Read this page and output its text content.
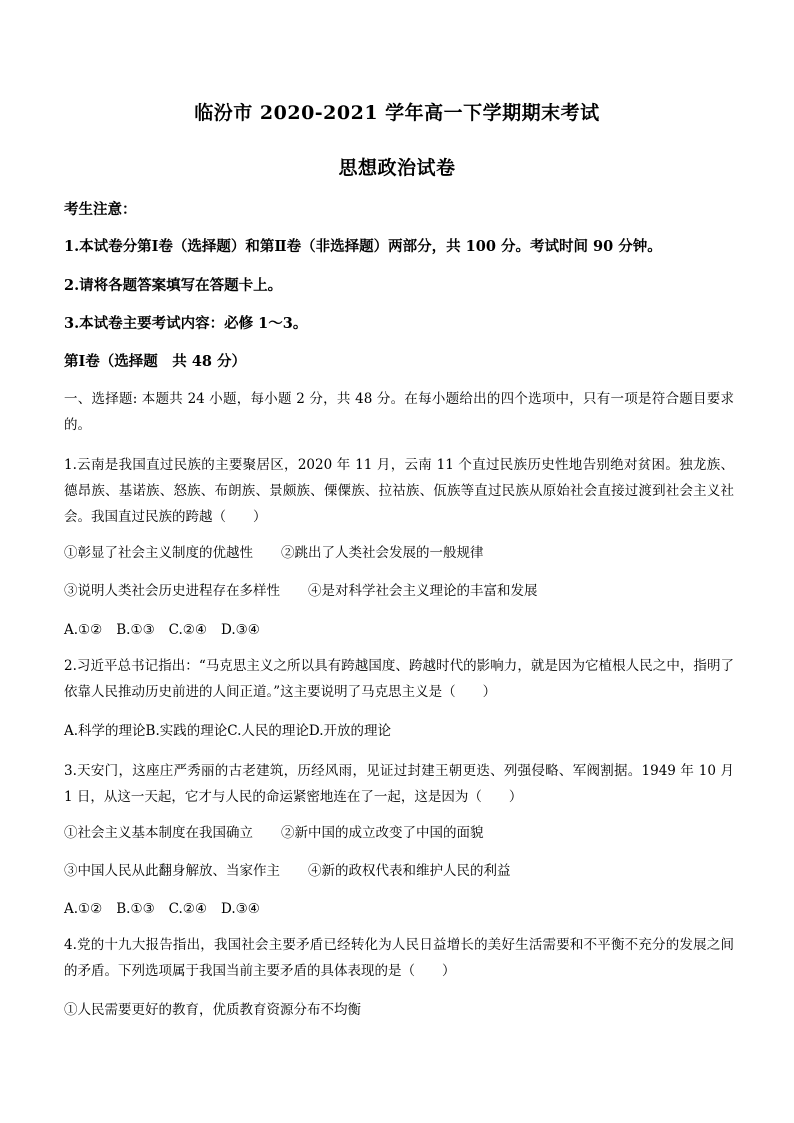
临汾市 2020-2021 学年高一下学期期末考试
思想政治试卷
考生注意：
1.本试卷分第Ⅰ卷（选择题）和第Ⅱ卷（非选择题）两部分，共 100 分。考试时间 90 分钟。
2.请将各题答案填写在答题卡上。
3.本试卷主要考试内容：必修 1～3。
第Ⅰ卷（选择题　共 48 分）
一、选择题: 本题共 24 小题，每小题 2 分，共 48 分。在每小题给出的四个选项中，只有一项是符合题目要求的。
1.云南是我国直过民族的主要聚居区，2020 年 11 月，云南 11 个直过民族历史性地告别绝对贫困。独龙族、德昂族、基诺族、怒族、布朗族、景颇族、傈僳族、拉祜族、佤族等直过民族从原始社会直接过渡到社会主义社会。我国直过民族的跨越（　　）
①彰显了社会主义制度的优越性 ②跳出了人类社会发展的一般规律
③说明人类社会历史进程存在多样性 ④是对科学社会主义理论的丰富和发展
A.①② B.①③ C.②④ D.③④
2.习近平总书记指出：“马克思主义之所以具有跨越国度、跨越时代的影响力，就是因为它植根人民之中，指明了依靠人民推动历史前进的人间正道。”这主要说明了马克思主义是（　　）
A.科学的理论B.实践的理论C.人民的理论D.开放的理论
3.天安门，这座庄严秀丽的古老建筑，历经风雨，见证过封建王朝更迭、列强侵略、军阀割据。1949 年 10 月 1 日，从这一天起，它才与人民的命运紧密地连在了一起，这是因为（　　）
①社会主义基本制度在我国确立 ②新中国的成立改变了中国的面貌
③中国人民从此翻身解放、当家作主 ④新的政权代表和维护人民的利益
A.①② B.①③ C.②④ D.③④
4.党的十九大报告指出，我国社会主要矛盾已经转化为人民日益增长的美好生活需要和不平衡不充分的发展之间的矛盾。下列选项属于我国当前主要矛盾的具体表现的是（　　）
①人民需要更好的教育，优质教育资源分布不均衡
